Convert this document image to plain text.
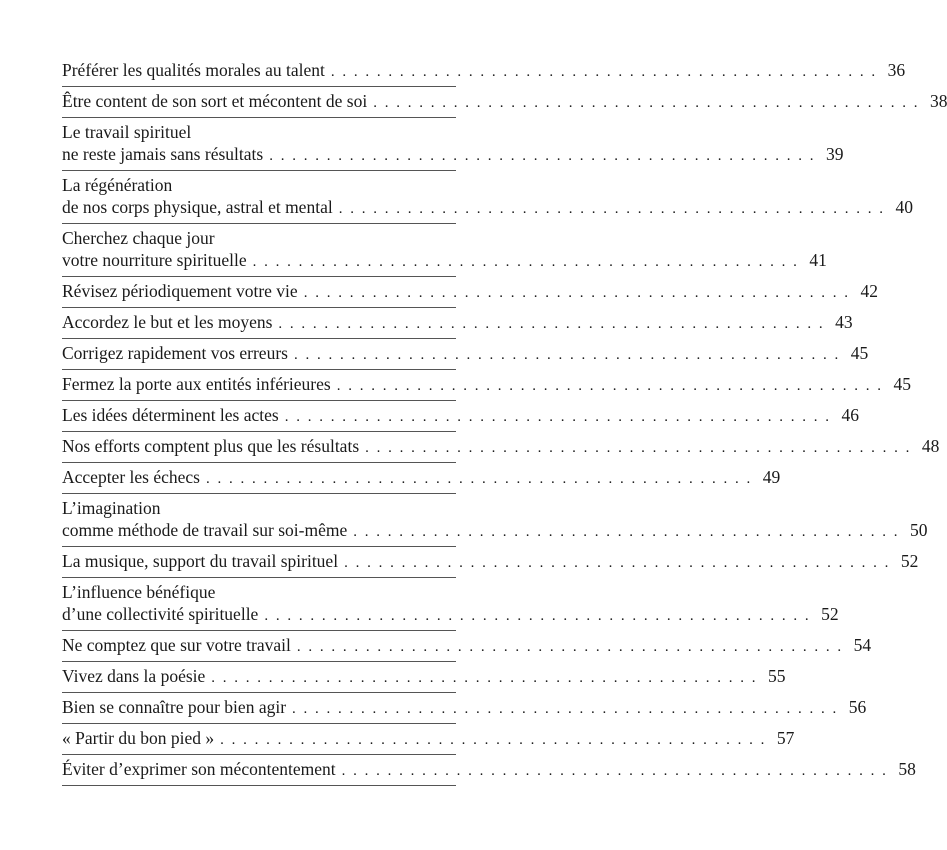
Préférer les qualités morales au talent . . . . . . . . . . . . . . . . . . . . . . . . . . . . . . . . . . . . . . . . . . . . . . . . 36
Être content de son sort et mécontent de soi . . . . . . . . . . . . . . . . . . . . . . . . . . . . . . . . . . . . . . . . . . . . . . . . 38
Le travail spirituel
ne reste jamais sans résultats . . . . . . . . . . . . . . . . . . . . . . . . . . . . . . . . . . . . . . . . . . . . . . . . 39
La régénération
de nos corps physique, astral et mental . . . . . . . . . . . . . . . . . . . . . . . . . . . . . . . . . . . . . . . . . . . . . . . . 40
Cherchez chaque jour
votre nourriture spirituelle . . . . . . . . . . . . . . . . . . . . . . . . . . . . . . . . . . . . . . . . . . . . . . . . 41
Révisez périodiquement votre vie . . . . . . . . . . . . . . . . . . . . . . . . . . . . . . . . . . . . . . . . . . . . . . . . 42
Accordez le but et les moyens . . . . . . . . . . . . . . . . . . . . . . . . . . . . . . . . . . . . . . . . . . . . . . . . 43
Corrigez rapidement vos erreurs . . . . . . . . . . . . . . . . . . . . . . . . . . . . . . . . . . . . . . . . . . . . . . . . 45
Fermez la porte aux entités inférieures . . . . . . . . . . . . . . . . . . . . . . . . . . . . . . . . . . . . . . . . . . . . . . . . 45
Les idées déterminent les actes . . . . . . . . . . . . . . . . . . . . . . . . . . . . . . . . . . . . . . . . . . . . . . . . 46
Nos efforts comptent plus que les résultats . . . . . . . . . . . . . . . . . . . . . . . . . . . . . . . . . . . . . . . . . . . . . . . . 48
Accepter les échecs . . . . . . . . . . . . . . . . . . . . . . . . . . . . . . . . . . . . . . . . . . . . . . . . 49
L’imagination
comme méthode de travail sur soi-même . . . . . . . . . . . . . . . . . . . . . . . . . . . . . . . . . . . . . . . . . . . . . . . . 50
La musique, support du travail spirituel . . . . . . . . . . . . . . . . . . . . . . . . . . . . . . . . . . . . . . . . . . . . . . . . 52
L’influence bénéfique
d’une collectivité spirituelle . . . . . . . . . . . . . . . . . . . . . . . . . . . . . . . . . . . . . . . . . . . . . . . . 52
Ne comptez que sur votre travail . . . . . . . . . . . . . . . . . . . . . . . . . . . . . . . . . . . . . . . . . . . . . . . . 54
Vivez dans la poésie . . . . . . . . . . . . . . . . . . . . . . . . . . . . . . . . . . . . . . . . . . . . . . . . 55
Bien se connaître pour bien agir . . . . . . . . . . . . . . . . . . . . . . . . . . . . . . . . . . . . . . . . . . . . . . . . 56
« Partir du bon pied » . . . . . . . . . . . . . . . . . . . . . . . . . . . . . . . . . . . . . . . . . . . . . . . . 57
Éviter d’exprimer son mécontentement . . . . . . . . . . . . . . . . . . . . . . . . . . . . . . . . . . . . . . . . . . . . . . . . 58
